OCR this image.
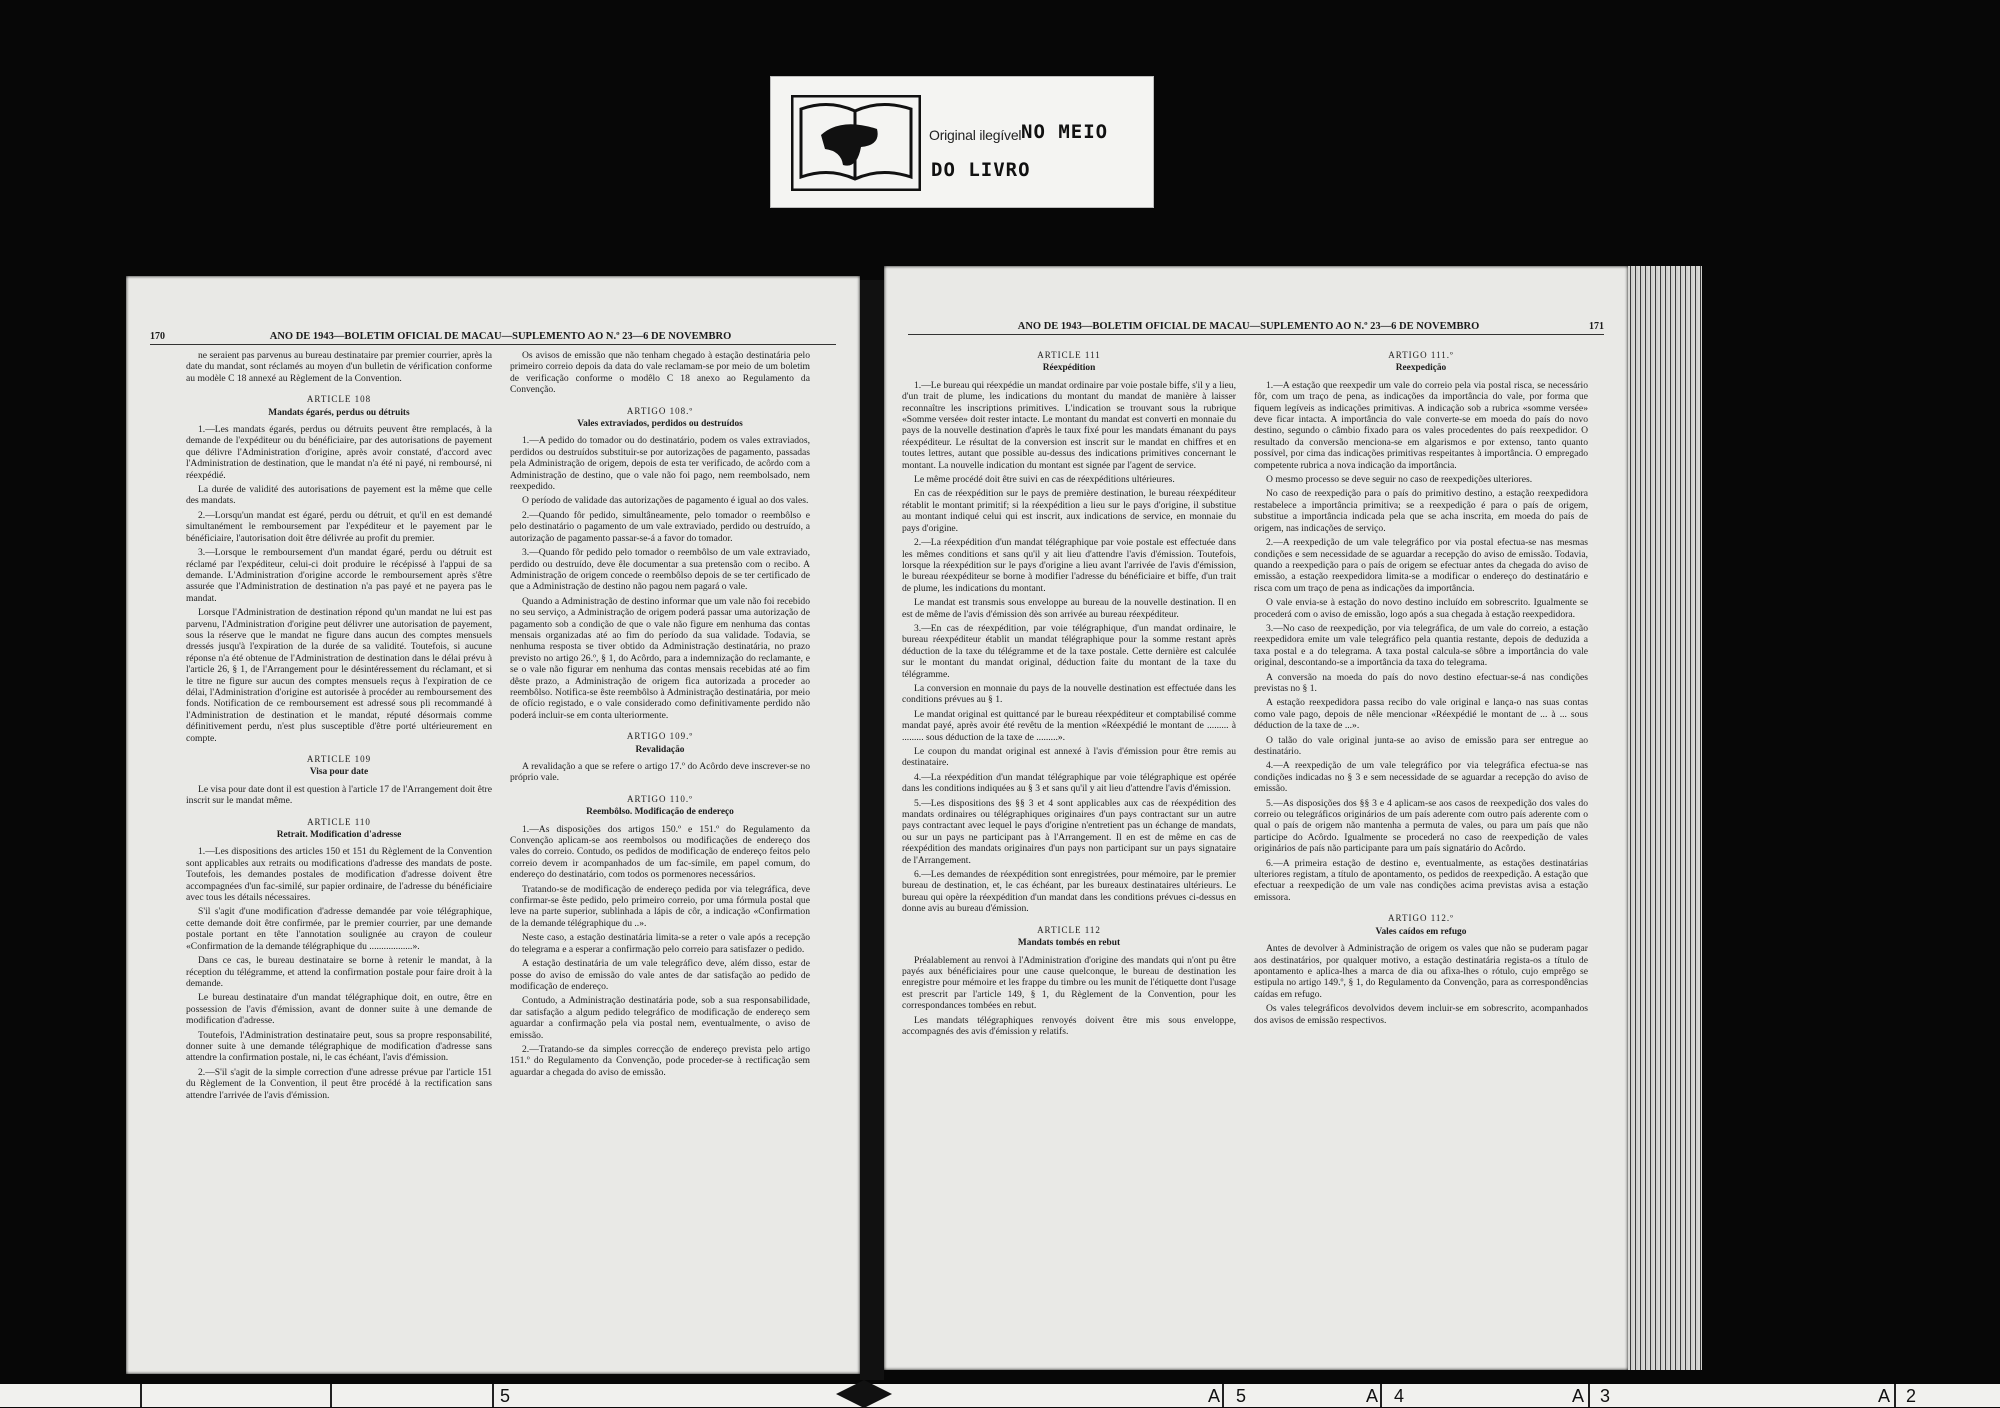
Original ilegível NO MEIO
DO LIVRO
170	ANO DE 1943—BOLETIM OFICIAL DE MACAU—SUPLEMENTO AO N.º 23—6 DE NOVEMBRO

ne seraient pas parvenus au bureau destinataire par premier courrier, après la date du mandat, sont réclamés au moyen d'un bulletin de vérification conforme au modèle C 18 annexé au Règlement de la Convention.

ARTICLE 108
Mandats égarés, perdus ou détruits

1.—Les mandats égarés, perdus ou détruits peuvent être remplacés, à la demande de l'expéditeur ou du bénéficiaire, par des autorisations de payement que délivre l'Administration d'origine, après avoir constaté, d'accord avec l'Administration de destination, que le mandat n'a été ni payé, ni remboursé, ni réexpédié.

La durée de validité des autorisations de payement est la même que celle des mandats.

2.—Lorsqu'un mandat est égaré, perdu ou détruit, et qu'il en est demandé simultanément le remboursement par l'expéditeur et le payement par le bénéficiaire, l'autorisation doit être délivrée au profit du premier.

3.—Lorsque le remboursement d'un mandat égaré, perdu ou détruit est réclamé par l'expéditeur, celui-ci doit produire le récépissé à l'appui de sa demande. L'Administration d'origine accorde le remboursement après s'être assurée que l'Administration de destination n'a pas payé et ne payera pas le mandat.

Lorsque l'Administration de destination répond qu'un mandat ne lui est pas parvenu, l'Administration d'origine peut délivrer une autorisation de payement, sous la réserve que le mandat ne figure dans aucun des comptes mensuels dressés jusqu'à l'expiration de la durée de sa validité. Toutefois, si aucune réponse n'a été obtenue de l'Administration de destination dans le délai prévu à l'article 26, § 1, de l'Arrangement pour le désintéressement du réclamant, et si le titre ne figure sur aucun des comptes mensuels reçus à l'expiration de ce délai, l'Administration d'origine est autorisée à procéder au remboursement des fonds. Notification de ce remboursement est adressé sous pli recommandé à l'Administration de destination et le mandat, réputé désormais comme définitivement perdu, n'est plus susceptible d'être porté ultérieurement en compte.

ARTICLE 109
Visa pour date

Le visa pour date dont il est question à l'article 17 de l'Arrangement doit être inscrit sur le mandat même.

ARTICLE 110
Retrait. Modification d'adresse

1.—Les dispositions des articles 150 et 151 du Règlement de la Convention sont applicables aux retraits ou modifications d'adresse des mandats de poste. Toutefois, les demandes postales de modification d'adresse doivent être accompagnées d'un fac-similé, sur papier ordinaire, de l'adresse du bénéficiaire avec tous les détails nécessaires.

S'il s'agit d'une modification d'adresse demandée par voie télégraphique, cette demande doit être confirmée, par le premier courrier, par une demande postale portant en tête l'annotation soulignée au crayon de couleur «Confirmation de la demande télégraphique du ..................».

Dans ce cas, le bureau destinataire se borne à retenir le mandat, à la réception du télégramme, et attend la confirmation postale pour faire droit à la demande.

Le bureau destinataire d'un mandat télégraphique doit, en outre, être en possession de l'avis d'émission, avant de donner suite à une demande de modification d'adresse.

Toutefois, l'Administration destinataire peut, sous sa propre responsabilité, donner suite à une demande télégraphique de modification d'adresse sans attendre la confirmation postale, ni, le cas échéant, l'avis d'émission.

2.—S'il s'agit de la simple correction d'une adresse prévue par l'article 151 du Règlement de la Convention, il peut être procédé à la rectification sans attendre l'arrivée de l'avis d'émission.

Os avisos de emissão que não tenham chegado à estação destinatária pelo primeiro correio depois da data do vale reclamam-se por meio de um boletim de verificação conforme o modêlo C 18 anexo ao Regulamento da Convenção.

ARTIGO 108.º
Vales extraviados, perdidos ou destruídos

1.—A pedido do tomador ou do destinatário, podem os vales extraviados, perdidos ou destruídos substituir-se por autorizações de pagamento, passadas pela Administração de origem, depois de esta ter verificado, de acôrdo com a Administração de destino, que o vale não foi pago, nem reembolsado, nem reexpedido.

O período de validade das autorizações de pagamento é igual ao dos vales.

2.—Quando fôr pedido, simultâneamente, pelo tomador o reembôlso e pelo destinatário o pagamento de um vale extraviado, perdido ou destruído, a autorização de pagamento passar-se-á a favor do tomador.

3.—Quando fôr pedido pelo tomador o reembôlso de um vale extraviado, perdido ou destruído, deve êle documentar a sua pretensão com o recibo. A Administração de origem concede o reembôlso depois de se ter certificado de que a Administração de destino não pagou nem pagará o vale.

Quando a Administração de destino informar que um vale não foi recebido no seu serviço, a Administração de origem poderá passar uma autorização de pagamento sob a condição de que o vale não figure em nenhuma das contas mensais organizadas até ao fim do período da sua validade. Todavia, se nenhuma resposta se tiver obtido da Administração destinatária, no prazo previsto no artigo 26.º, § 1, do Acôrdo, para a indemnização do reclamante, e se o vale não figurar em nenhuma das contas mensais recebidas até ao fim dêste prazo, a Administração de origem fica autorizada a proceder ao reembôlso. Notifica-se êste reembôlso à Administração destinatária, por meio de ofício registado, e o vale considerado como definitivamente perdido não poderá incluir-se em conta ulteriormente.

ARTIGO 109.º
Revalidação

A revalidação a que se refere o artigo 17.º do Acôrdo deve inscrever-se no próprio vale.

ARTIGO 110.º
Reembôlso. Modificação de endereço

1.—As disposições dos artigos 150.º e 151.º do Regulamento da Convenção aplicam-se aos reembolsos ou modificações de endereço dos vales do correio. Contudo, os pedidos de modificação de endereço feitos pelo correio devem ir acompanhados de um fac-símile, em papel comum, do endereço do destinatário, com todos os pormenores necessários.

Tratando-se de modificação de endereço pedida por via telegráfica, deve confirmar-se êste pedido, pelo primeiro correio, por uma fórmula postal que leve na parte superior, sublinhada a lápis de côr, a indicação «Confirmation de la demande télégraphique du ..».

Neste caso, a estação destinatária limita-se a reter o vale após a recepção do telegrama e a esperar a confirmação pelo correio para satisfazer o pedido.

A estação destinatária de um vale telegráfico deve, além disso, estar de posse do aviso de emissão do vale antes de dar satisfação ao pedido de modificação de endereço.

Contudo, a Administração destinatária pode, sob a sua responsabilidade, dar satisfação a algum pedido telegráfico de modificação de endereço sem aguardar a confirmação pela via postal nem, eventualmente, o aviso de emissão.

2.—Tratando-se da simples correcção de endereço prevista pelo artigo 151.º do Regulamento da Convenção, pode proceder-se à rectificação sem aguardar a chegada do aviso de emissão.

ANO DE 1943—BOLETIM OFICIAL DE MACAU—SUPLEMENTO AO N.º 23—6 DE NOVEMBRO	171
ARTICLE 111
Réexpédition

1.—Le bureau qui réexpédie un mandat ordinaire par voie postale biffe, s'il y a lieu, d'un trait de plume, les indications du montant du mandat de manière à laisser reconnaître les inscriptions primitives. L'indication se trouvant sous la rubrique «Somme versée» doit rester intacte. Le montant du mandat est converti en monnaie du pays de la nouvelle destination d'après le taux fixé pour les mandats émanant du pays réexpéditeur. Le résultat de la conversion est inscrit sur le mandat en chiffres et en toutes lettres, autant que possible au-dessus des indications primitives concernant le montant. La nouvelle indication du montant est signée par l'agent de service.

Le même procédé doit être suivi en cas de réexpéditions ultérieures.

En cas de réexpédition sur le pays de première destination, le bureau réexpéditeur rétablit le montant primitif; si la réexpédition a lieu sur le pays d'origine, il substitue au montant indiqué celui qui est inscrit, aux indications de service, en monnaie du pays d'origine.

2.—La réexpédition d'un mandat télégraphique par voie postale est effectuée dans les mêmes conditions et sans qu'il y ait lieu d'attendre l'avis d'émission. Toutefois, lorsque la réexpédition sur le pays d'origine a lieu avant l'arrivée de l'avis d'émission, le bureau réexpéditeur se borne à modifier l'adresse du bénéficiaire et biffe, d'un trait de plume, les indications du montant.

Le mandat est transmis sous enveloppe au bureau de la nouvelle destination. Il en est de même de l'avis d'émission dès son arrivée au bureau réexpéditeur.

3.—En cas de réexpédition, par voie télégraphique, d'un mandat ordinaire, le bureau réexpéditeur établit un mandat télégraphique pour la somme restant après déduction de la taxe du télégramme et de la taxe postale. Cette dernière est calculée sur le montant du mandat original, déduction faite du montant de la taxe du télégramme.

La conversion en monnaie du pays de la nouvelle destination est effectuée dans les conditions prévues au § 1.

Le mandat original est quittancé par le bureau réexpéditeur et comptabilisé comme mandat payé, après avoir été revêtu de la mention «Réexpédié le montant de ......... à ......... sous déduction de la taxe de .........».

Le coupon du mandat original est annexé à l'avis d'émission pour être remis au destinataire.

4.—La réexpédition d'un mandat télégraphique par voie télégraphique est opérée dans les conditions indiquées au § 3 et sans qu'il y ait lieu d'attendre l'avis d'émission.

5.—Les dispositions des §§ 3 et 4 sont applicables aux cas de réexpédition des mandats ordinaires ou télégraphiques originaires d'un pays contractant sur un autre pays contractant avec lequel le pays d'origine n'entretient pas un échange de mandats, ou sur un pays ne participant pas à l'Arrangement. Il en est de même en cas de réexpédition des mandats originaires d'un pays non participant sur un pays signataire de l'Arrangement.

6.—Les demandes de réexpédition sont enregistrées, pour mémoire, par le premier bureau de destination, et, le cas échéant, par les bureaux destinataires ultérieurs. Le bureau qui opère la réexpédition d'un mandat dans les conditions prévues ci-dessus en donne avis au bureau d'émission.

ARTICLE 112
Mandats tombés en rebut

Préalablement au renvoi à l'Administration d'origine des mandats qui n'ont pu être payés aux bénéficiaires pour une cause quelconque, le bureau de destination les enregistre pour mémoire et les frappe du timbre ou les munit de l'étiquette dont l'usage est prescrit par l'article 149, § 1, du Règlement de la Convention, pour les correspondances tombées en rebut.

Les mandats télégraphiques renvoyés doivent être mis sous enveloppe, accompagnés des avis d'émission y relatifs.

ARTIGO 111.º
Reexpedição

1.—A estação que reexpedir um vale do correio pela via postal risca, se necessário fôr, com um traço de pena, as indicações da importância do vale, por forma que fiquem legíveis as indicações primitivas. A indicação sob a rubrica «somme versée» deve ficar intacta. A importância do vale converte-se em moeda do país do novo destino, segundo o câmbio fixado para os vales procedentes do país reexpedidor. O resultado da conversão menciona-se em algarismos e por extenso, tanto quanto possível, por cima das indicações primitivas respeitantes à importância. O empregado competente rubrica a nova indicação da importância.

O mesmo processo se deve seguir no caso de reexpedições ulteriores.

No caso de reexpedição para o país do primitivo destino, a estação reexpedidora restabelece a importância primitiva; se a reexpedição é para o país de origem, substitue a importância indicada pela que se acha inscrita, em moeda do país de origem, nas indicações de serviço.

2.—A reexpedição de um vale telegráfico por via postal efectua-se nas mesmas condições e sem necessidade de se aguardar a recepção do aviso de emissão. Todavia, quando a reexpedição para o país de origem se efectuar antes da chegada do aviso de emissão, a estação reexpedidora limita-se a modificar o endereço do destinatário e risca com um traço de pena as indicações da importância.

O vale envia-se à estação do novo destino incluído em sobrescrito. Igualmente se procederá com o aviso de emissão, logo após a sua chegada à estação reexpedidora.

3.—No caso de reexpedição, por via telegráfica, de um vale do correio, a estação reexpedidora emite um vale telegráfico pela quantia restante, depois de deduzida a taxa postal e a do telegrama. A taxa postal calcula-se sôbre a importância do vale original, descontando-se a importância da taxa do telegrama.

A conversão na moeda do país do novo destino efectuar-se-á nas condições previstas no § 1.

A estação reexpedidora passa recibo do vale original e lança-o nas suas contas como vale pago, depois de nêle mencionar «Réexpédié le montant de ... à ... sous déduction de la taxe de ...».

O talão do vale original junta-se ao aviso de emissão para ser entregue ao destinatário.

4.—A reexpedição de um vale telegráfico por via telegráfica efectua-se nas condições indicadas no § 3 e sem necessidade de se aguardar a recepção do aviso de emissão.

5.—As disposições dos §§ 3 e 4 aplicam-se aos casos de reexpedição dos vales do correio ou telegráficos originários de um país aderente com outro país aderente com o qual o país de origem não mantenha a permuta de vales, ou para um país que não participe do Acôrdo. Igualmente se procederá no caso de reexpedição de vales originários de país não participante para um país signatário do Acôrdo.

6.—A primeira estação de destino e, eventualmente, as estações destinatárias ulteriores registam, a título de apontamento, os pedidos de reexpedição. A estação que efectuar a reexpedição de um vale nas condições acima previstas avisa a estação emissora.

ARTIGO 112.º
Vales caídos em refugo

Antes de devolver à Administração de origem os vales que não se puderam pagar aos destinatários, por qualquer motivo, a estação destinatária regista-os a título de apontamento e aplica-lhes a marca de dia ou afixa-lhes o rótulo, cujo emprêgo se estipula no artigo 149.º, § 1, do Regulamento da Convenção, para as correspondências caídas em refugo.

Os vales telegráficos devolvidos devem incluir-se em sobrescrito, acompanhados dos avisos de emissão respectivos.

5	A 5	A 4	A 3	A 2
